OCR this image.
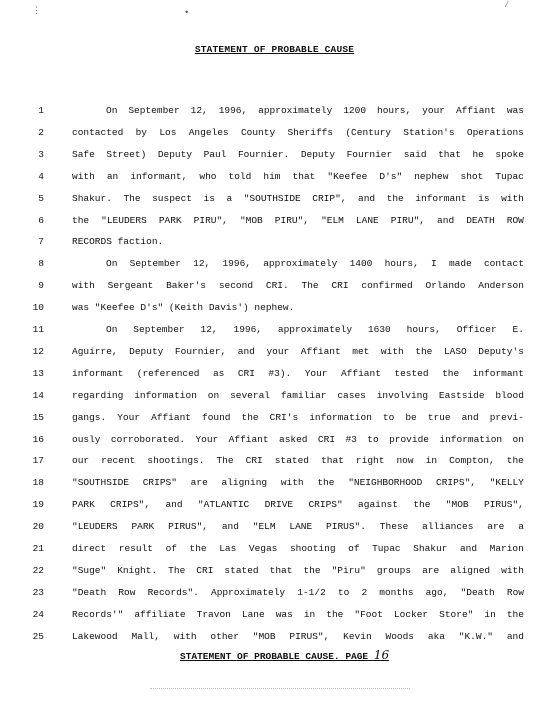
⋮	•
∕
STATEMENT OF PROBABLE CAUSE
1	On September 12, 1996, approximately 1200 hours, your Affiant was
2	contacted by Los Angeles County Sheriffs (Century Station's Operations
3	Safe Street) Deputy Paul Fournier. Deputy Fournier said that he spoke
4	with an informant, who told him that "Keefee D's" nephew shot Tupac
5	Shakur. The suspect is a "SOUTHSIDE CRIP", and the informant is with
6	the "LEUDERS PARK PIRU", "MOB PIRU", "ELM LANE PIRU", and DEATH ROW
7	RECORDS faction.
8	On September 12, 1996, approximately 1400 hours, I made contact
9	with Sergeant Baker's second CRI. The CRI confirmed Orlando Anderson
10	was "Keefee D's" (Keith Davis') nephew.
11	On September 12, 1996, approximately 1630 hours, Officer E.
12	Aguirre, Deputy Fournier, and your Affiant met with the LASO Deputy's
13	informant (referenced as CRI #3). Your Affiant tested the informant
14	regarding information on several familiar cases involving Eastside blood
15	gangs. Your Affiant found the CRI's information to be true and previ-
16	ously corroborated. Your Affiant asked CRI #3 to provide information on
17	our recent shootings. The CRI stated that right now in Compton, the
18	"SOUTHSIDE CRIPS" are aligning with the "NEIGHBORHOOD CRIPS", "KELLY
19	PARK CRIPS", and "ATLANTIC DRIVE CRIPS" against the "MOB PIRUS",
20	"LEUDERS PARK PIRUS", and "ELM LANE PIRUS". These alliances are a
21	direct result of the Las Vegas shooting of Tupac Shakur and Marion
22	"Suge" Knight. The CRI stated that the "Piru" groups are aligned with
23	"Death Row Records". Approximately 1-1/2 to 2 months ago, "Death Row
24	Records'" affiliate Travon Lane was in the "Foot Locker Store" in the
25	Lakewood Mall, with other "MOB PIRUS", Kevin Woods aka "K.W." and
STATEMENT OF PROBABLE CAUSE. PAGE 16
